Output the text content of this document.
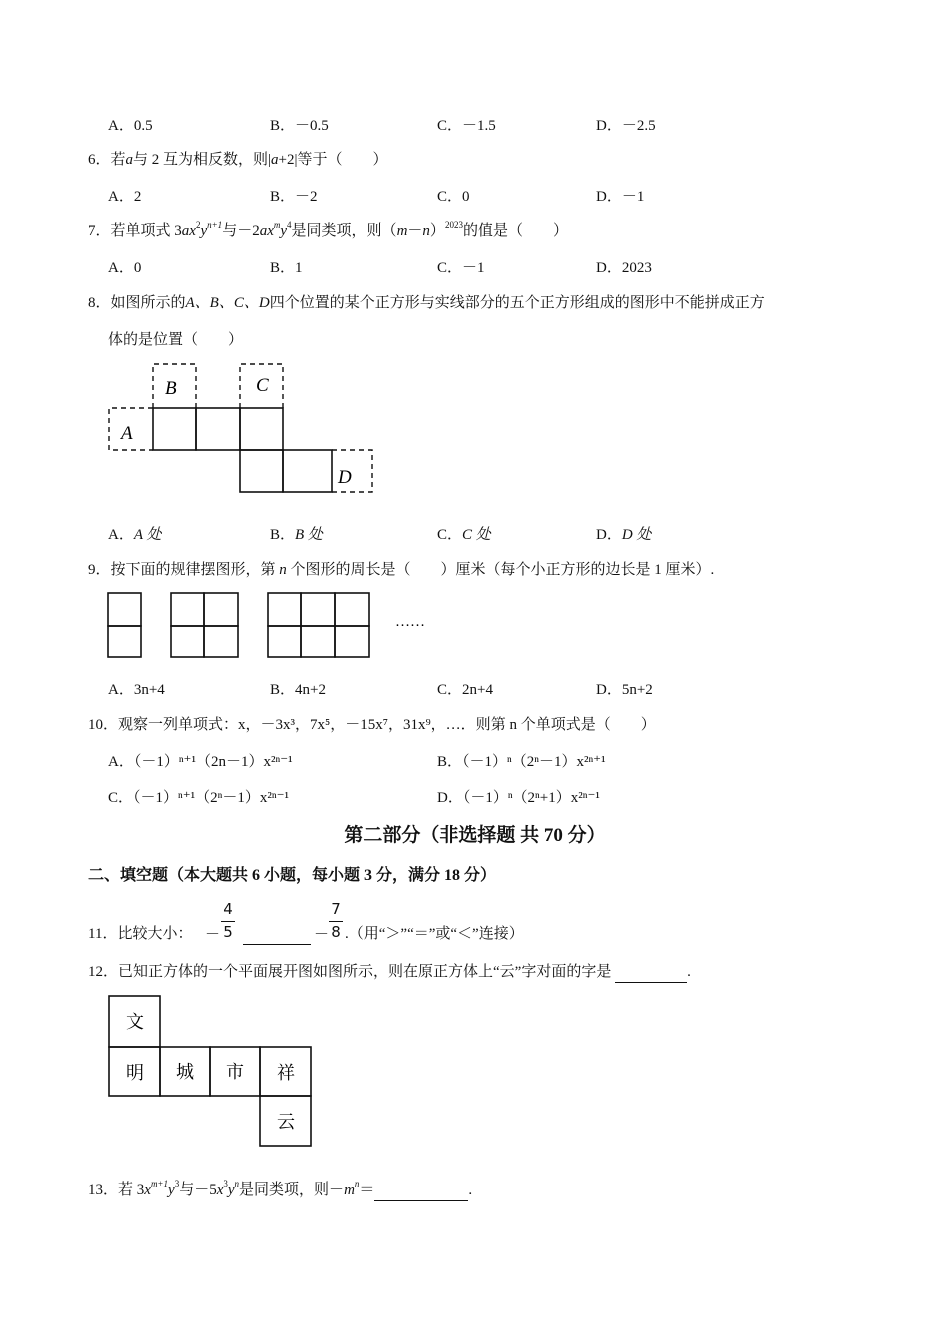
A．0.5	B．－0.5	C．－1.5	D．－2.5
6．若a与 2 互为相反数，则|a+2|等于（　　）
A．2	B．－2	C．0	D．－1
7．若单项式 $3ax^2y^{n+1}$与$-2ax^my^4$是同类项，则$(m-n)^{2023}$的值是（　　）
A．0	B．1	C．－1	D．2023
8．如图所示的A、B、C、D四个位置的某个正方形与实线部分的五个正方形组成的图形中不能拼成正方
体的是位置（　　）
A
B	C
D
A．A 处	B．B 处	C．C 处	D．D 处
9．按下面的规律摆图形，第 n 个图形的周长是（　　）厘米（每个小正方形的边长是 1 厘米）.
……
A．3n+4	B．4n+2	C．2n+4	D．5n+2
10．观察一列单项式：x，－3x³，7x⁵，－15x⁷，31x⁹，…．则第 n 个单项式是（　　）
A．（－1）ⁿ⁺¹（2n－1）x²ⁿ⁻¹	B．（－1）ⁿ（2ⁿ－1）x²ⁿ⁺¹
C．（－1）ⁿ⁺¹（2ⁿ－1）x²ⁿ⁻¹	D．（－1）ⁿ（2ⁿ+1）x²ⁿ⁻¹
第二部分（非选择题 共 70 分）
二、填空题（本大题共 6 小题，每小题 3 分，满分 18 分）
11．比较大小： －
4
5
	－
7
8 .（用“＞”“＝”或“＜”连接）
12．已知正方体的一个平面展开图如图所示，则在原正方体上“云”字对面的字是	.
文
明 城 市 祥
云
13．若 $3x^{m+1}y^3$与$-5x^3y^n$是同类项，则$-m^n=$	.
